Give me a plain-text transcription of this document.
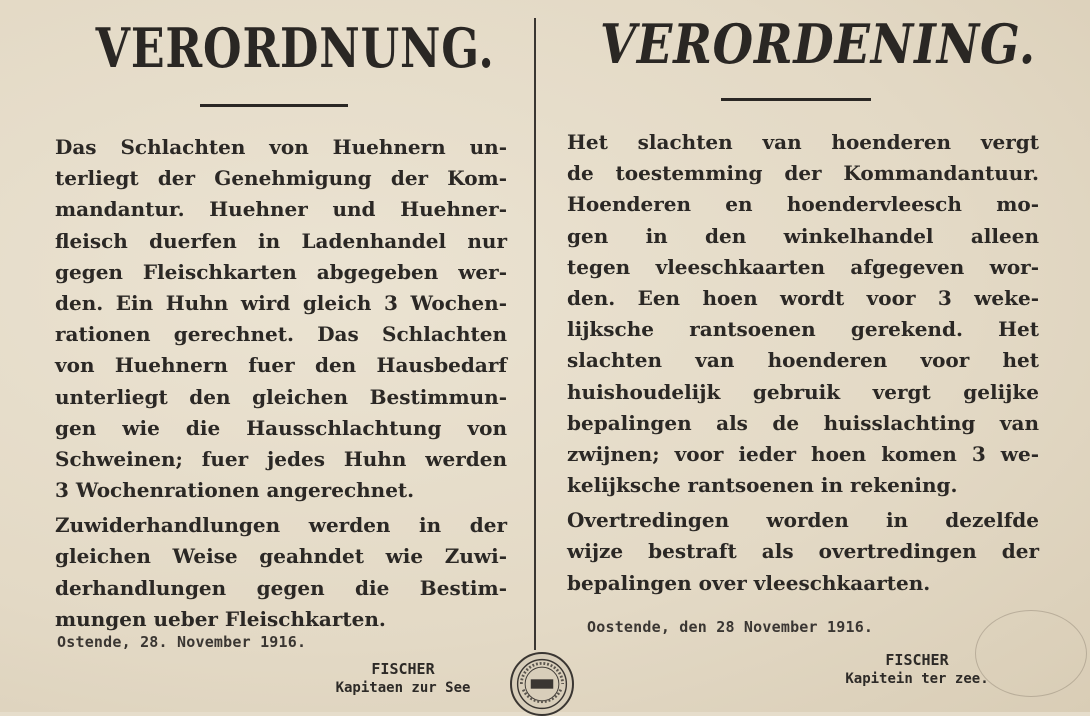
VERORDNUNG.
Das Schlachten von Huehnern un-
terliegt der Genehmigung der Kom-
mandantur. Huehner und Huehner-
fleisch duerfen in Ladenhandel nur
gegen Fleischkarten abgegeben wer-
den. Ein Huhn wird gleich 3 Wochen-
rationen gerechnet. Das Schlachten
von Huehnern fuer den Hausbedarf
unterliegt den gleichen Bestimmun-
gen wie die Hausschlachtung von
Schweinen; fuer jedes Huhn werden
3 Wochenrationen angerechnet.
Zuwiderhandlungen werden in der
gleichen Weise geahndet wie Zuwi-
derhandlungen gegen die Bestim-
mungen ueber Fleischkarten.
Ostende, 28. November 1916.
FISCHER
Kapitaen zur See
VERORDENING.
Het slachten van hoenderen vergt
de toestemming der Kommandantuur.
Hoenderen en hoendervleesch mo-
gen in den winkelhandel alleen
tegen vleeschkaarten afgegeven wor-
den. Een hoen wordt voor 3 weke-
lijksche rantsoenen gerekend. Het
slachten van hoenderen voor het
huishoudelijk gebruik vergt gelijke
bepalingen als de huisslachting van
zwijnen; voor ieder hoen komen 3 we-
kelijksche rantsoenen in rekening.
Overtredingen worden in dezelfde
wijze bestraft als overtredingen der
bepalingen over vleeschkaarten.
Oostende, den 28 November 1916.
FISCHER
Kapitein ter zee.
